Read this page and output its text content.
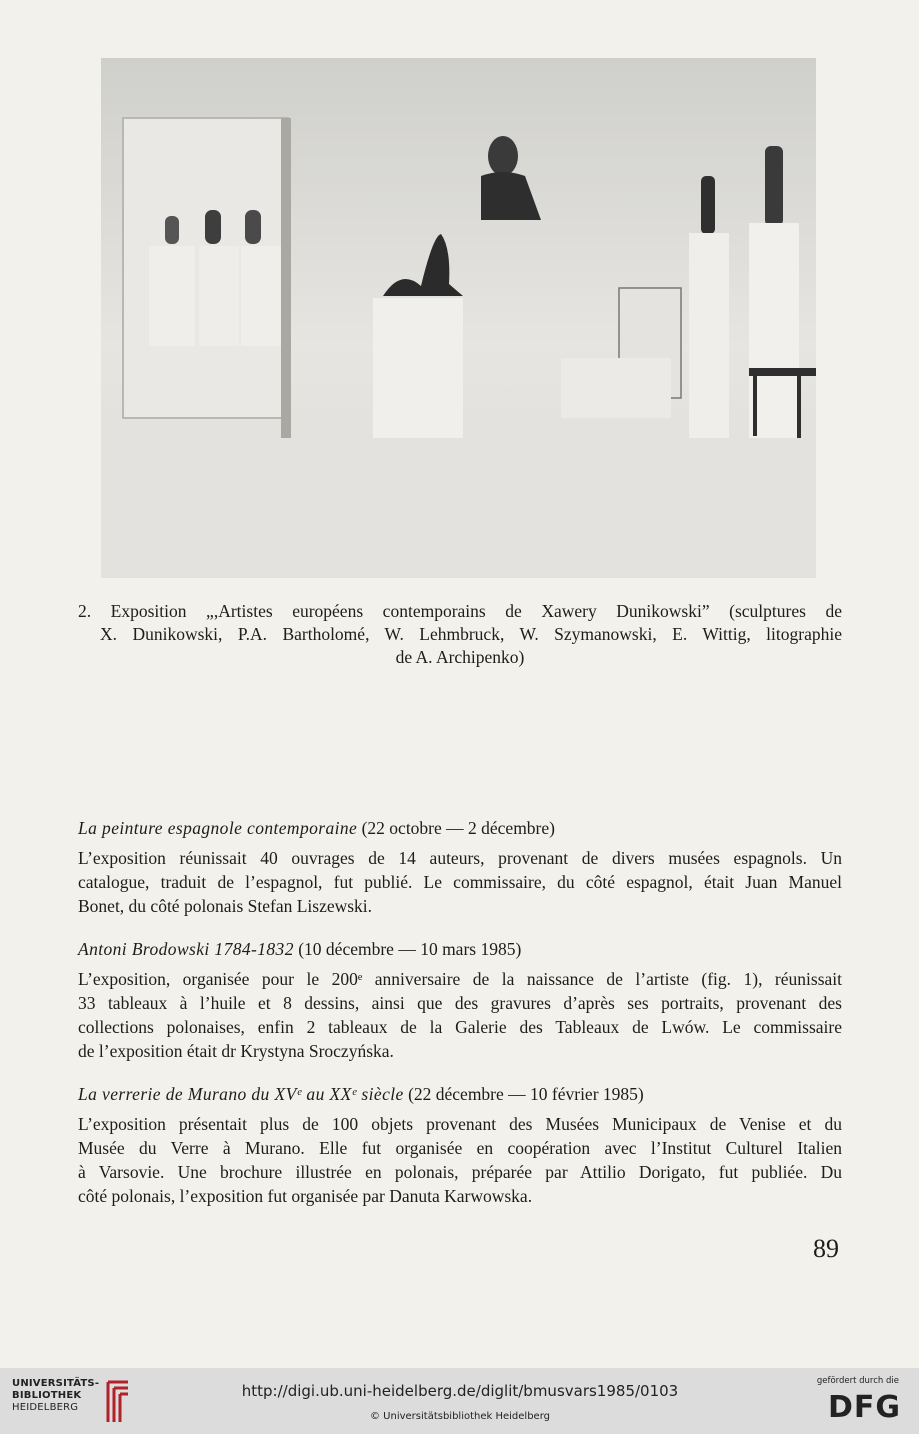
2. Exposition „,Artistes européens contemporains de Xawery Dunikowski” (sculptures de
X. Dunikowski, P.A. Bartholomé, W. Lehmbruck, W. Szymanowski, E. Wittig, litographie
de A. Archipenko)

La peinture espagnole contemporaine (22 octobre — 2 décembre)

L’exposition réunissait 40 ouvrages de 14 auteurs, provenant de divers musées espagnols. Un
catalogue, traduit de l’espagnol, fut publié. Le commissaire, du côté espagnol, était Juan Manuel
Bonet, du côté polonais Stefan Liszewski.

Antoni Brodowski 1784-1832 (10 décembre — 10 mars 1985)

L’exposition, organisée pour le 200ᵉ anniversaire de la naissance de l’artiste (fig. 1), réunissait
33 tableaux à l’huile et 8 dessins, ainsi que des gravures d’après ses portraits, provenant des
collections polonaises, enfin 2 tableaux de la Galerie des Tableaux de Lwów. Le commissaire
de l’exposition était dr Krystyna Sroczyńska.

La verrerie de Murano du XVᵉ au XXᵉ siècle (22 décembre — 10 février 1985)

L’exposition présentait plus de 100 objets provenant des Musées Municipaux de Venise et du
Musée du Verre à Murano. Elle fut organisée en coopération avec l’Institut Culturel Italien
à Varsovie. Une brochure illustrée en polonais, préparée par Attilio Dorigato, fut publiée. Du
côté polonais, l’exposition fut organisée par Danuta Karwowska.

89
UNIVERSITÄTS-
BIBLIOTHEK
HEIDELBERG
http://digi.ub.uni-heidelberg.de/diglit/bmusvars1985/0103
© Universitätsbibliothek Heidelberg
gefördert durch die
DFG
